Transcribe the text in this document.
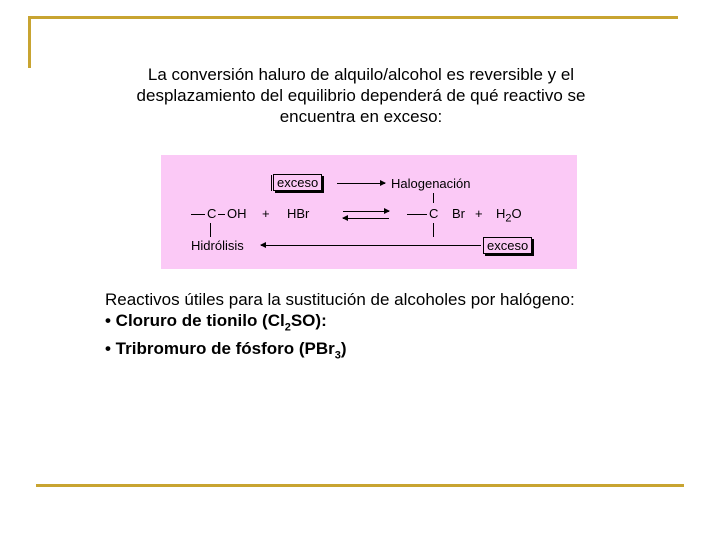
La conversión haluro de alquilo/alcohol es reversible y el
desplazamiento del equilibrio dependerá de qué reactivo se
encuentra en exceso:
exceso	Halogenación
C OH + HBr	C $Br + H_2O$
Hidrólisis	exceso
Reactivos útiles para la sustitución de alcoholes por halógeno:
• Cloruro de tionilo $(Cl_2SO)$:
• Tribromuro de fósforo (PBr$_3$)
